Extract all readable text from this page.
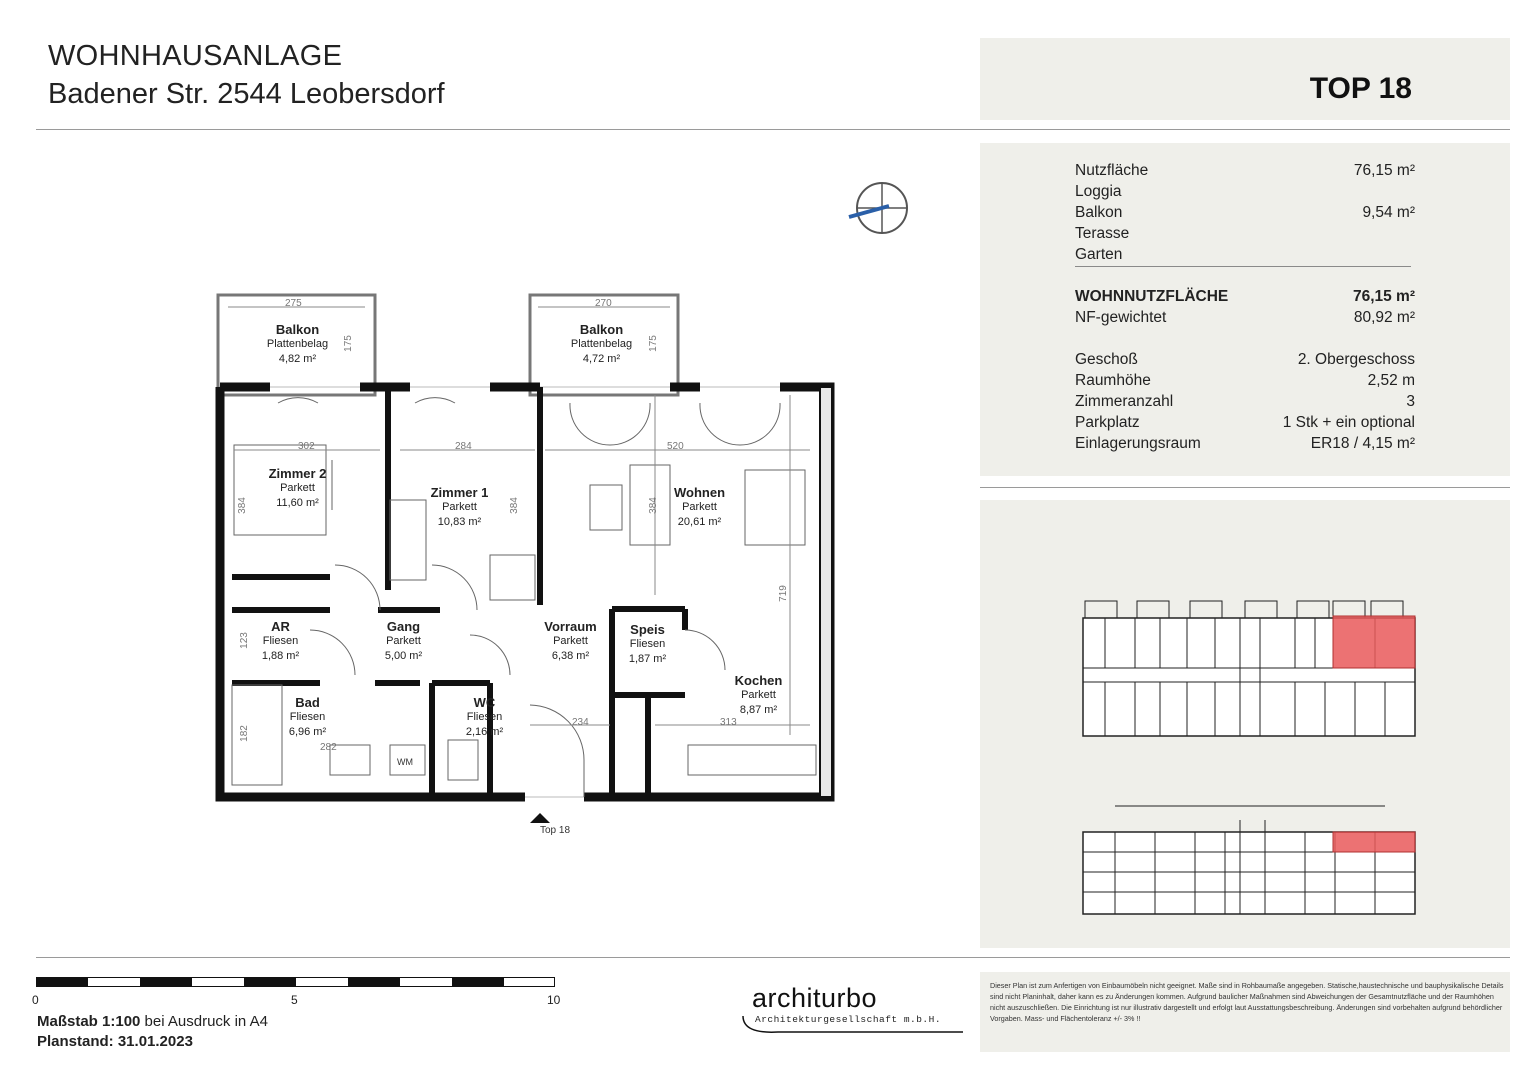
WOHNHAUSANLAGE
Badener Str. 2544 Leobersdorf	TOP 18
Nutzfläche	76,15 m²
Loggia
Balkon	9,54 m²
Terasse
Garten
WOHNNUTZFLÄCHE	76,15 m²
NF-gewichtet	80,92 m²
Geschoß	2. Obergeschoss
Raumhöhe	2,52 m
Zimmeranzahl	3
Parkplatz	1 Stk + ein optional
Einlagerungsraum	ER18 / 4,15 m²
Balkon
Plattenbelag
4,82 m²
Balkon
Plattenbelag
4,72 m²
Zimmer 2
Parkett
11,60 m²
Zimmer 1
Parkett
10,83 m²
Wohnen
Parkett
20,61 m²
AR
Fliesen
1,88 m²
Gang
Parkett
5,00 m²
Vorraum
Parkett
6,38 m²
Speis
Fliesen
1,87 m²
Kochen
Parkett
8,87 m²
Bad
Fliesen
6,96 m²
WC
Fliesen
2,16 m²
275
175
270
175
302
384
284
384
520
384
719
123
234	313
182
282
WM
Top 18
0	5	10
Maßstab 1:100 bei Ausdruck in A4
Planstand: 31.01.2023
architurbo
Architekturgesellschaft m.b.H.
Dieser Plan ist zum Anfertigen von Einbaumöbeln nicht geeignet. Maße sind in Rohbaumaße angegeben. Statische,haustechnische und bauphysikalische Details sind nicht Planinhalt, daher kann es zu Änderungen kommen. Aufgrund baulicher Maßnahmen sind Abweichungen der Gesamtnutzfläche und der Raumhöhen nicht auszuschließen. Die Einrichtung ist nur illustrativ dargestellt und erfolgt laut Ausstattungsbeschreibung. Änderungen sind vorbehalten aufgrund behördlicher Vorgaben. Mass- und Flächentoleranz +/- 3% !!
